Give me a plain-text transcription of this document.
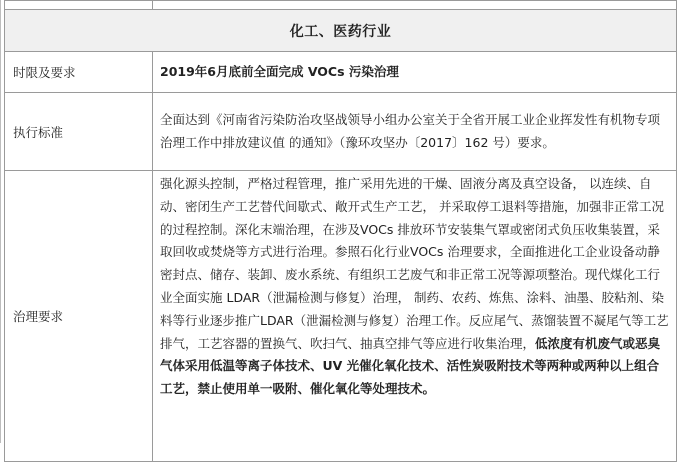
化工、医药行业	
时限及要求	2019年6月底前全面完成 VOCs 污染治理
执行标准	全面达到《河南省污染防治攻坚战领导小组办公室关于全省开展工业企业挥发性有机物专项治理工作中排放建议值 的通知》（豫环攻坚办〔2017〕162 号）要求。
治理要求	强化源头控制，严格过程管理，推广采用先进的干燥、固液分离及真空设备， 以连续、自动、密闭生产工艺替代间歇式、敞开式生产工艺， 并采取停工退料等措施，加强非正常工况的过程控制。深化末端治理，在涉及VOCs 排放环节安装集气罩或密闭式负压收集装置，采取回收或焚烧等方式进行治理。参照石化行业VOCs 治理要求，全面推进化工企业设备动静密封点、储存、装卸、废水系统、有组织工艺废气和非正常工况等源项整治。现代煤化工行业全面实施 LDAR（泄漏检测与修复）治理， 制药、农药、炼焦、涂料、油墨、胶粘剂、染料等行业逐步推广LDAR（泄漏检测与修复）治理工作。反应尾气、蒸馏装置不凝尾气等工艺排气，工艺容器的置换气、吹扫气、抽真空排气等应进行收集治理，低浓度有机废气或恶臭气体采用低温等离子体技术、UV 光催化氧化技术、活性炭吸附技术等两种或两种以上组合工艺，禁止使用单一吸附、催化氧化等处理技术。
